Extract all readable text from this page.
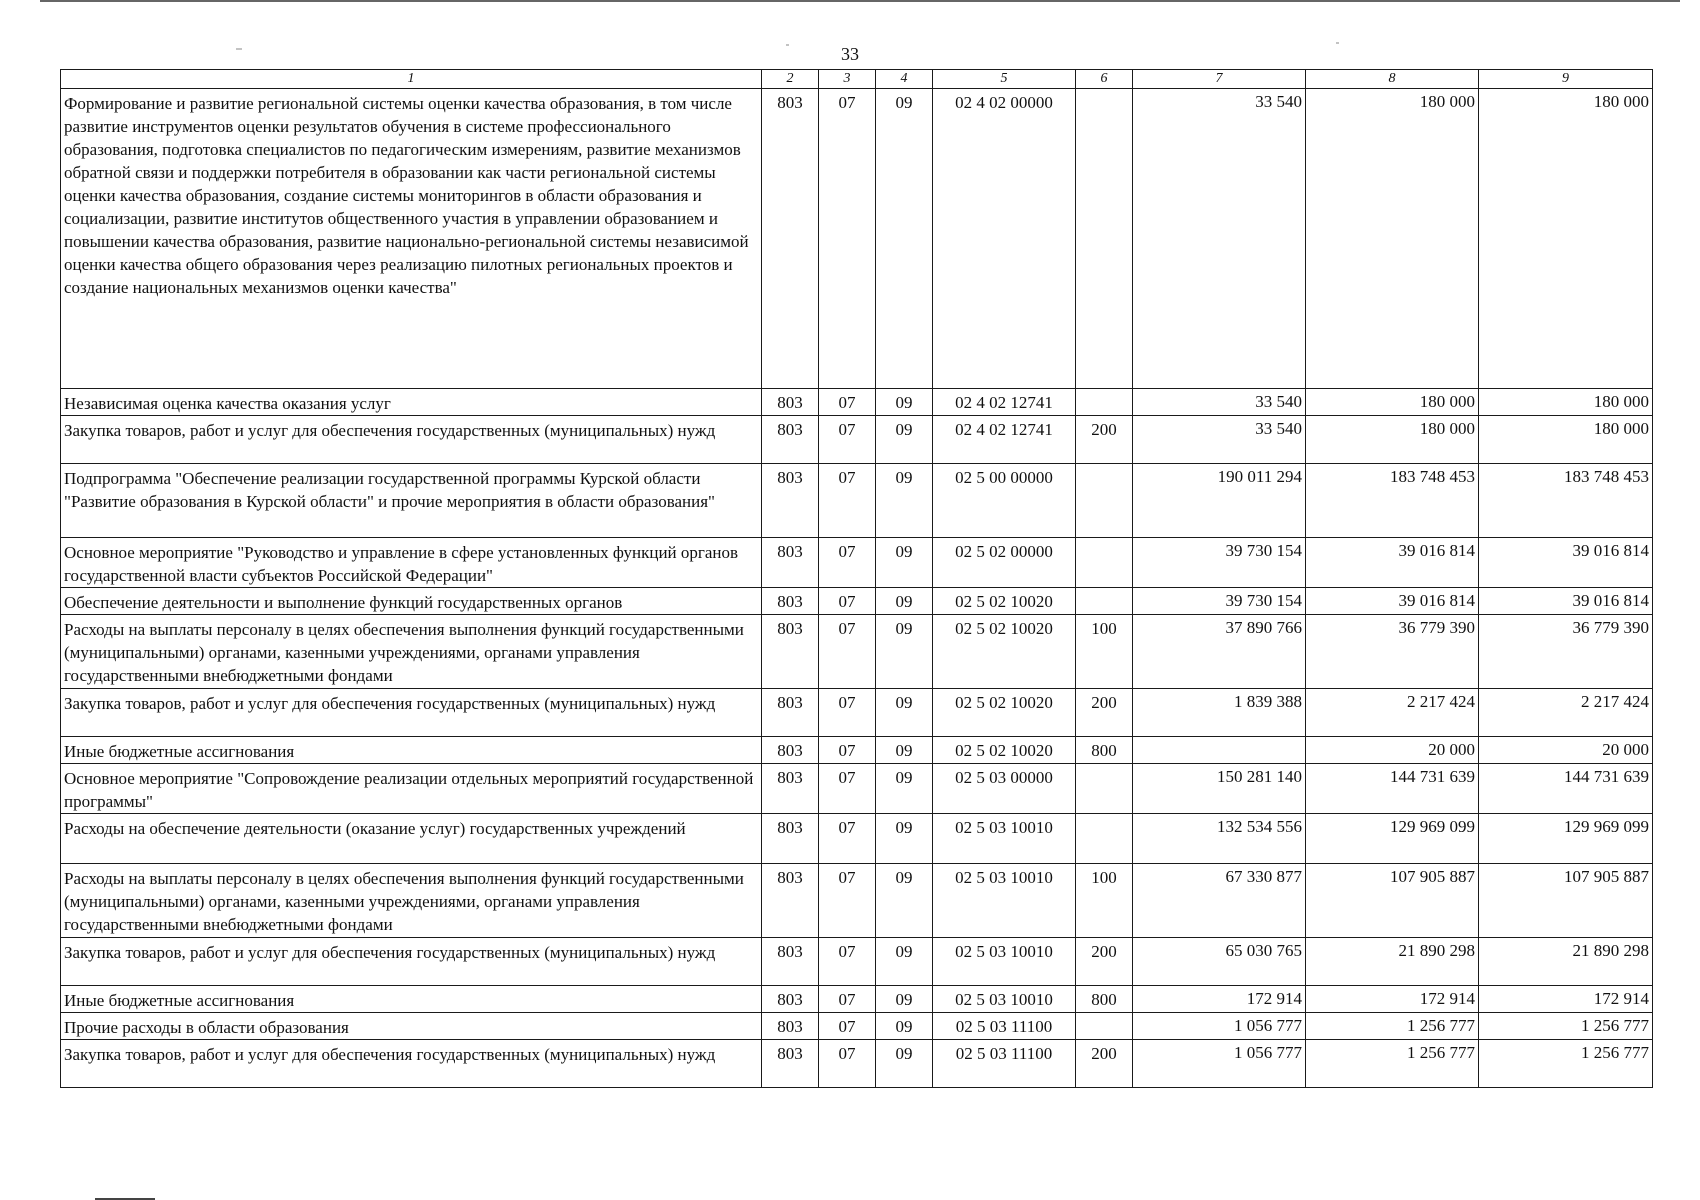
33
1	2	3	4	5	6	7	8	9
Формирование и развитие региональной системы оценки качества образования, в том числе развитие инструментов оценки результатов обучения в системе профессионального образования, подготовка специалистов по педагогическим измерениям, развитие механизмов обратной связи и поддержки потребителя в образовании как части региональной системы оценки качества образования, создание системы мониторингов в области образования и социализации, развитие институтов общественного участия в управлении образованием и повышении качества образования, развитие национально-региональной системы независимой оценки качества общего образования через реализацию пилотных региональных проектов и создание национальных механизмов оценки качества"	803	07	09	02 4 02 00000		33 540	180 000	180 000
Независимая оценка качества оказания услуг	803	07	09	02 4 02 12741		33 540	180 000	180 000
Закупка товаров, работ и услуг для обеспечения государственных (муниципальных) нужд	803	07	09	02 4 02 12741	200	33 540	180 000	180 000
Подпрограмма "Обеспечение реализации государственной программы Курской области "Развитие образования в Курской области" и прочие мероприятия в области образования"	803	07	09	02 5 00 00000		190 011 294	183 748 453	183 748 453
Основное мероприятие "Руководство и управление в сфере установленных функций органов государственной власти субъектов Российской Федерации"	803	07	09	02 5 02 00000		39 730 154	39 016 814	39 016 814
Обеспечение деятельности и выполнение функций государственных органов	803	07	09	02 5 02 10020		39 730 154	39 016 814	39 016 814
Расходы на выплаты персоналу в целях обеспечения выполнения функций государственными (муниципальными) органами, казенными учреждениями, органами управления государственными внебюджетными фондами	803	07	09	02 5 02 10020	100	37 890 766	36 779 390	36 779 390
Закупка товаров, работ и услуг для обеспечения государственных (муниципальных) нужд	803	07	09	02 5 02 10020	200	1 839 388	2 217 424	2 217 424
Иные бюджетные ассигнования	803	07	09	02 5 02 10020	800		20 000	20 000
Основное мероприятие "Сопровождение реализации отдельных мероприятий государственной программы"	803	07	09	02 5 03 00000		150 281 140	144 731 639	144 731 639
Расходы на обеспечение деятельности (оказание услуг) государственных учреждений	803	07	09	02 5 03 10010		132 534 556	129 969 099	129 969 099
Расходы на выплаты персоналу в целях обеспечения выполнения функций государственными (муниципальными) органами, казенными учреждениями, органами управления государственными внебюджетными фондами	803	07	09	02 5 03 10010	100	67 330 877	107 905 887	107 905 887
Закупка товаров, работ и услуг для обеспечения государственных (муниципальных) нужд	803	07	09	02 5 03 10010	200	65 030 765	21 890 298	21 890 298
Иные бюджетные ассигнования	803	07	09	02 5 03 10010	800	172 914	172 914	172 914
Прочие расходы в области образования	803	07	09	02 5 03 11100		1 056 777	1 256 777	1 256 777
Закупка товаров, работ и услуг для обеспечения государственных (муниципальных) нужд	803	07	09	02 5 03 11100	200	1 056 777	1 256 777	1 256 777
